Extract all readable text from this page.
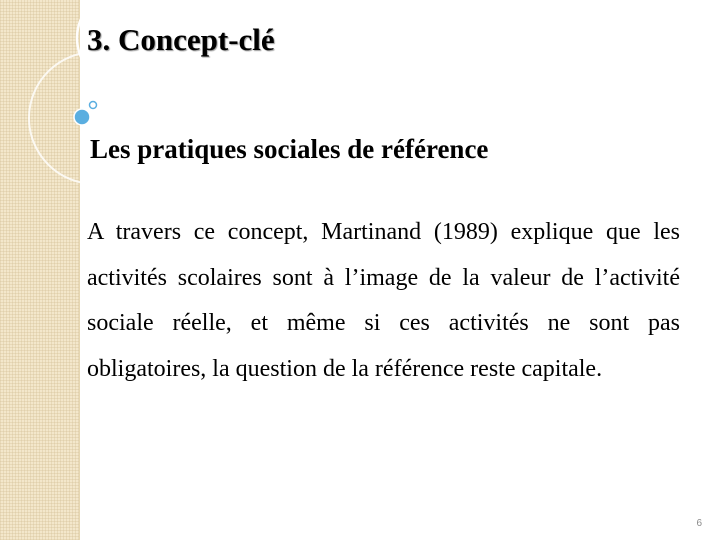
3. Concept-clé
Les pratiques sociales de référence

A travers ce concept, Martinand (1989) explique que les activités scolaires sont à l’image de la valeur de l’activité sociale réelle, et même si ces activités ne sont pas obligatoires, la question de la référence reste capitale.

6
